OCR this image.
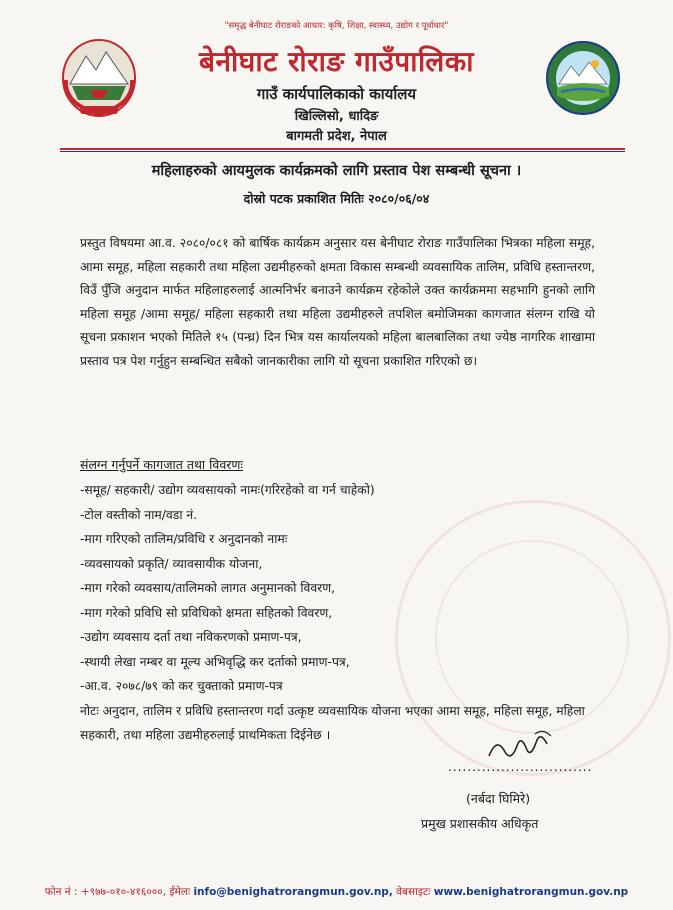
"समृद्ध बेनीघाट रोराङको आधार: कृषि, शिक्षा, स्वास्थ्य, उद्योग र पूर्वाधार"
बेनीघाट रोराङ गाउँपालिका
गाउँ कार्यपालिकाको कार्यालय
खिल्लिसो, धादिङ
बागमती प्रदेश, नेपाल
महिलाहरुको आयमुलक कार्यक्रमको लागि प्रस्ताव पेश सम्बन्धी सूचना ।
दोस्रो पटक प्रकाशित मितिः २०८०/०६/०४

प्रस्तुत विषयमा आ.व. २०८०/०८१ को बार्षिक कार्यक्रम अनुसार यस बेनीघाट रोराङ गाउँपालिका भित्रका महिला समूह, आमा समूह, महिला सहकारी तथा महिला उद्यमीहरुको क्षमता विकास सम्बन्धी व्यवसायिक तालिम, प्रविधि हस्तान्तरण, विउँ पुँजि अनुदान मार्फत महिलाहरुलाई आत्मनिर्भर बनाउने कार्यक्रम रहेकोले उक्त कार्यक्रममा सहभागि हुनको लागि महिला समूह /आमा समूह/ महिला सहकारी तथा महिला उद्यमीहरुले तपशिल बमोजिमका कागजात संलग्न राखि यो सूचना प्रकाशन भएको मितिले १५ (पन्ध्र) दिन भित्र यस कार्यालयको महिला बालबालिका तथा ज्येष्ठ नागरिक शाखामा प्रस्ताव पत्र पेश गर्नुहुन सम्बन्धित सबैको जानकारीका लागि यो सूचना प्रकाशित गरिएको छ।

संलग्न गर्नुपर्ने कागजात तथा विवरणः
-समूह/ सहकारी/ उद्योग व्यवसायको नामः(गरिरहेको वा गर्न चाहेको)
-टोल वस्तीको नाम/वडा नं.
-माग गरिएको तालिम/प्रविधि र अनुदानको नामः
-व्यवसायको प्रकृति/ व्यावसायीक योजना,
-माग गरेको व्यवसाय/तालिमको लागत अनुमानको विवरण,
-माग गरेको प्रविधि सो प्रविधिको क्षमता सहितको विवरण,
-उद्योग व्यवसाय दर्ता तथा नविकरणको प्रमाण-पत्र,
-स्थायी लेखा नम्बर वा मूल्य अभिवृद्धि कर दर्ताको प्रमाण-पत्र,
-आ.व. २०७८/७९ को कर चुक्ताको प्रमाण-पत्र
नोटः अनुदान, तालिम र प्रविधि हस्तान्तरण गर्दा उत्कृष्ट व्यवसायिक योजना भएका आमा समूह, महिला समूह, महिला सहकारी, तथा महिला उद्यमीहरुलाई प्राथमिकता दिईनेछ ।
..............................
(नर्बदा घिमिरे)
प्रमुख प्रशासकीय अधिकृत
फोन नं : +९७७-०१०-४१६०००, ईमेलः info@benighatrorangmun.gov.np, वेबसाइटः www.benighatrorangmun.gov.np
